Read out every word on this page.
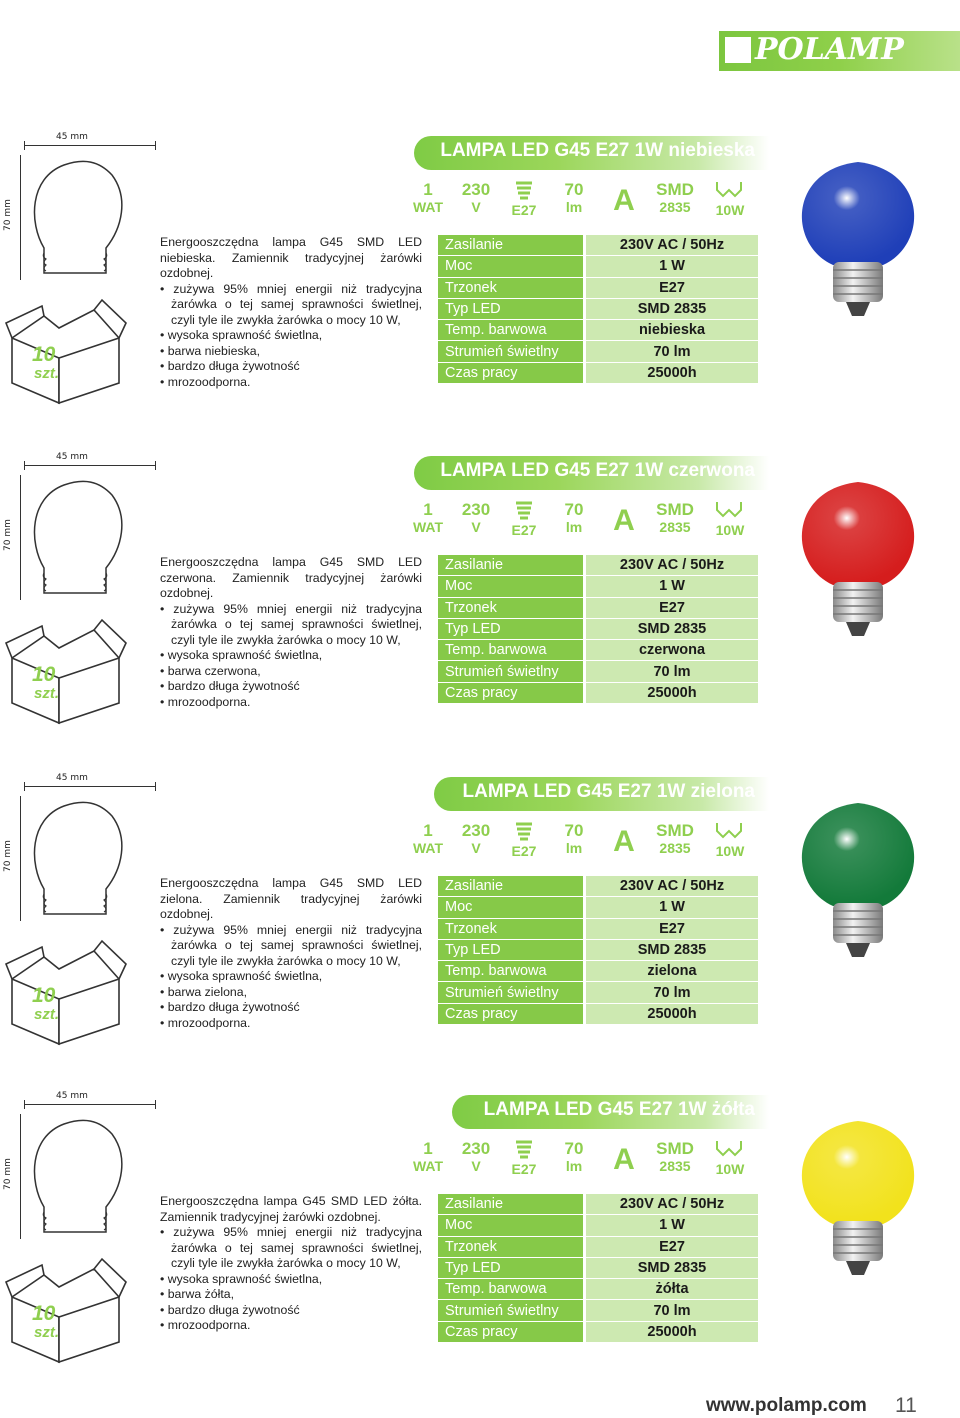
POLAMP
45 mm
70 mm
10
szt.
LAMPA LED G45 E27 1W niebieska
1
WAT
230
V	E27
70
lm	A	SMD
2835	10W

Energooszczędna lampa G45 SMD LED niebieska. Zamiennik tradycyjnej żarówki ozdobnej.

• zużywa 95% mniej energii niż tradycyjna żarówka o tej samej sprawności świetlnej, czyli tyle ile zwykła żarówka o mocy 10 W,

• wysoka sprawność świetlna,

• barwa niebieska,

• bardzo długa żywotność

• mrozoodporna.

Zasilanie	230V AC / 50Hz
Moc	1 W
Trzonek	E27
Typ LED	SMD 2835
Temp. barwowa	niebieska
Strumień świetlny	70 lm
Czas pracy	25000h
45 mm
70 mm
10
szt.
LAMPA LED G45 E27 1W czerwona
1
WAT
230
V	E27
70
lm	A	SMD
2835	10W

Energooszczędna lampa G45 SMD LED czerwona. Zamiennik tradycyjnej żarówki ozdobnej.

• zużywa 95% mniej energii niż tradycyjna żarówka o tej samej sprawności świetlnej, czyli tyle ile zwykła żarówka o mocy 10 W,

• wysoka sprawność świetlna,

• barwa czerwona,

• bardzo długa żywotność

• mrozoodporna.

Zasilanie	230V AC / 50Hz
Moc	1 W
Trzonek	E27
Typ LED	SMD 2835
Temp. barwowa	czerwona
Strumień świetlny	70 lm
Czas pracy	25000h
45 mm
70 mm
10
szt.
LAMPA LED G45 E27 1W zielona
1
WAT
230
V	E27
70
lm	A	SMD
2835	10W

Energooszczędna lampa G45 SMD LED zielona. Zamiennik tradycyjnej żarówki ozdobnej.

• zużywa 95% mniej energii niż tradycyjna żarówka o tej samej sprawności świetlnej, czyli tyle ile zwykła żarówka o mocy 10 W,

• wysoka sprawność świetlna,

• barwa zielona,

• bardzo długa żywotność

• mrozoodporna.

Zasilanie	230V AC / 50Hz
Moc	1 W
Trzonek	E27
Typ LED	SMD 2835
Temp. barwowa	zielona
Strumień świetlny	70 lm
Czas pracy	25000h
45 mm
70 mm
10
szt.
LAMPA LED G45 E27 1W żółta
1
WAT
230
V	E27
70
lm	A	SMD
2835	10W

Energooszczędna lampa G45 SMD LED żółta. Zamiennik tradycyjnej żarówki ozdobnej.

• zużywa 95% mniej energii niż tradycyjna żarówka o tej samej sprawności świetlnej, czyli tyle ile zwykła żarówka o mocy 10 W,

• wysoka sprawność świetlna,

• barwa żółta,

• bardzo długa żywotność

• mrozoodporna.

Zasilanie	230V AC / 50Hz
Moc	1 W
Trzonek	E27
Typ LED	SMD 2835
Temp. barwowa	żółta
Strumień świetlny	70 lm
Czas pracy	25000h
www.polamp.com 11
